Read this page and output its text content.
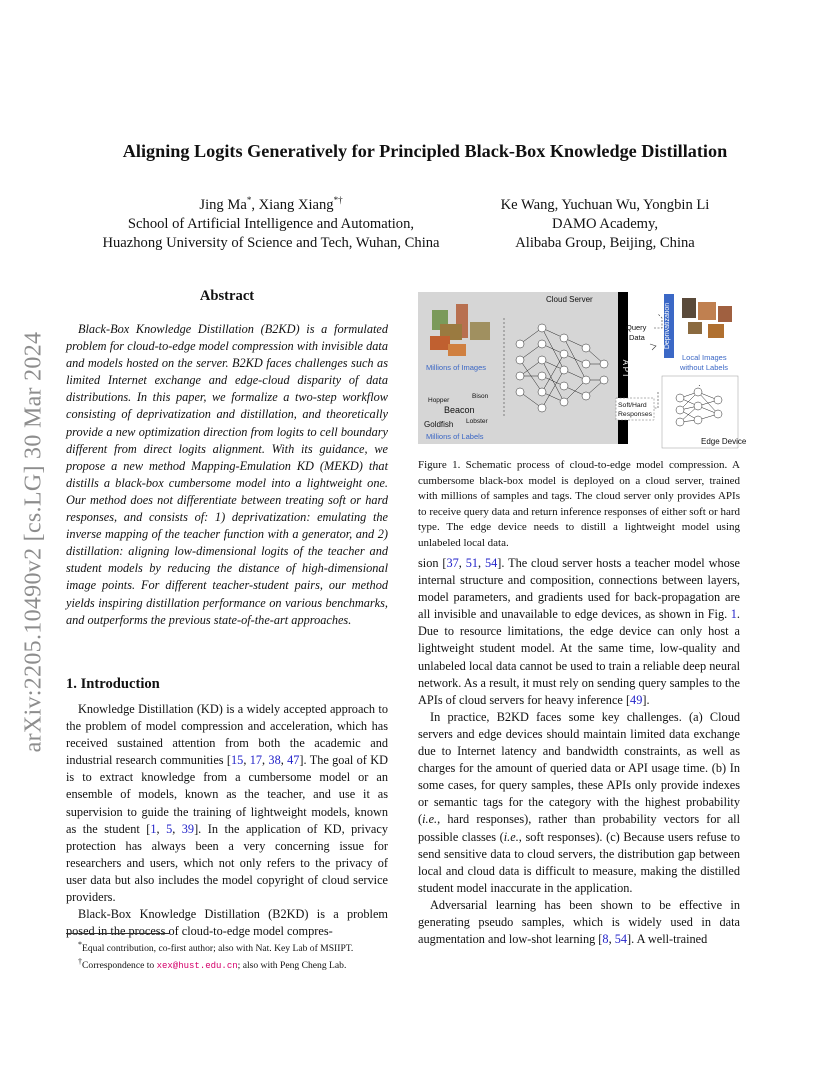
arXiv:2205.10490v2 [cs.LG] 30 Mar 2024
Aligning Logits Generatively for Principled Black-Box Knowledge Distillation
Jing Ma*, Xiang Xiang*†
School of Artificial Intelligence and Automation,
Huazhong University of Science and Tech, Wuhan, China
Ke Wang, Yuchuan Wu, Yongbin Li
DAMO Academy,
Alibaba Group, Beijing, China
Abstract

Black-Box Knowledge Distillation (B2KD) is a formulated problem for cloud-to-edge model compression with invisible data and models hosted on the server. B2KD faces challenges such as limited Internet exchange and edge-cloud disparity of data distributions. In this paper, we formalize a two-step workflow consisting of deprivatization and distillation, and theoretically provide a new optimization direction from logits to cell boundary different from direct logits alignment. With its guidance, we propose a new method Mapping-Emulation KD (MEKD) that distills a black-box cumbersome model into a lightweight one. Our method does not differentiate between treating soft or hard responses, and consists of: 1) deprivatization: emulating the inverse mapping of the teacher function with a generator, and 2) distillation: aligning low-dimensional logits of the teacher and student models by reducing the distance of high-dimensional image points. For different teacher-student pairs, our method yields inspiring distillation performance on various benchmarks, and outperforms the previous state-of-the-art approaches.

1. Introduction

Knowledge Distillation (KD) is a widely accepted approach to the problem of model compression and acceleration, which has received sustained attention from both the academic and industrial research communities [15, 17, 38, 47]. The goal of KD is to extract knowledge from a cumbersome model or an ensemble of models, known as the teacher, and use it as supervision to guide the training of lightweight models, known as the student [1, 5, 39]. In the application of KD, privacy protection has always been a very concerning issue for researchers and users, which not only refers to the privacy of user data but also includes the model copyright of cloud service providers.

Black-Box Knowledge Distillation (B2KD) is a problem posed in the process of cloud-to-edge model compres-

*Equal contribution, co-first author; also with Nat. Key Lab of MSIIPT.
†Correspondence to xex@hust.edu.cn; also with Peng Cheng Lab.
Cloud Server
Millions of Images
Hopper
Bison
Beacon
Lobster
Goldfish
Millions of Labels
A P I
Query
Data
Soft/Hard
Responses
Deprivatization
Local Images
without Labels
·
Edge Device
Figure 1. Schematic process of cloud-to-edge model compression. A cumbersome black-box model is deployed on a cloud server, trained with millions of samples and tags. The cloud server only provides APIs to receive query data and return inference responses of either soft or hard type. The edge device needs to distill a lightweight model using unlabeled local data.

sion [37, 51, 54]. The cloud server hosts a teacher model whose internal structure and composition, connections between layers, model parameters, and gradients used for back-propagation are all invisible and unavailable to edge devices, as shown in Fig. 1. Due to resource limitations, the edge device can only host a lightweight student model. At the same time, low-quality and unlabeled local data cannot be used to train a reliable deep neural network. As a result, it must rely on sending query samples to the APIs of cloud servers for heavy inference [49].

In practice, B2KD faces some key challenges. (a) Cloud servers and edge devices should maintain limited data exchange due to Internet latency and bandwidth constraints, as well as charges for the amount of queried data or API usage time. (b) In some cases, for query samples, these APIs only provide indexes or semantic tags for the category with the highest probability (i.e., hard responses), rather than probability vectors for all possible classes (i.e., soft responses). (c) Because users refuse to send sensitive data to cloud servers, the distribution gap between local and cloud data is difficult to measure, making the distilled student model inaccurate in the application.

Adversarial learning has been shown to be effective in generating pseudo samples, which is widely used in data augmentation and low-shot learning [8, 54]. A well-trained
